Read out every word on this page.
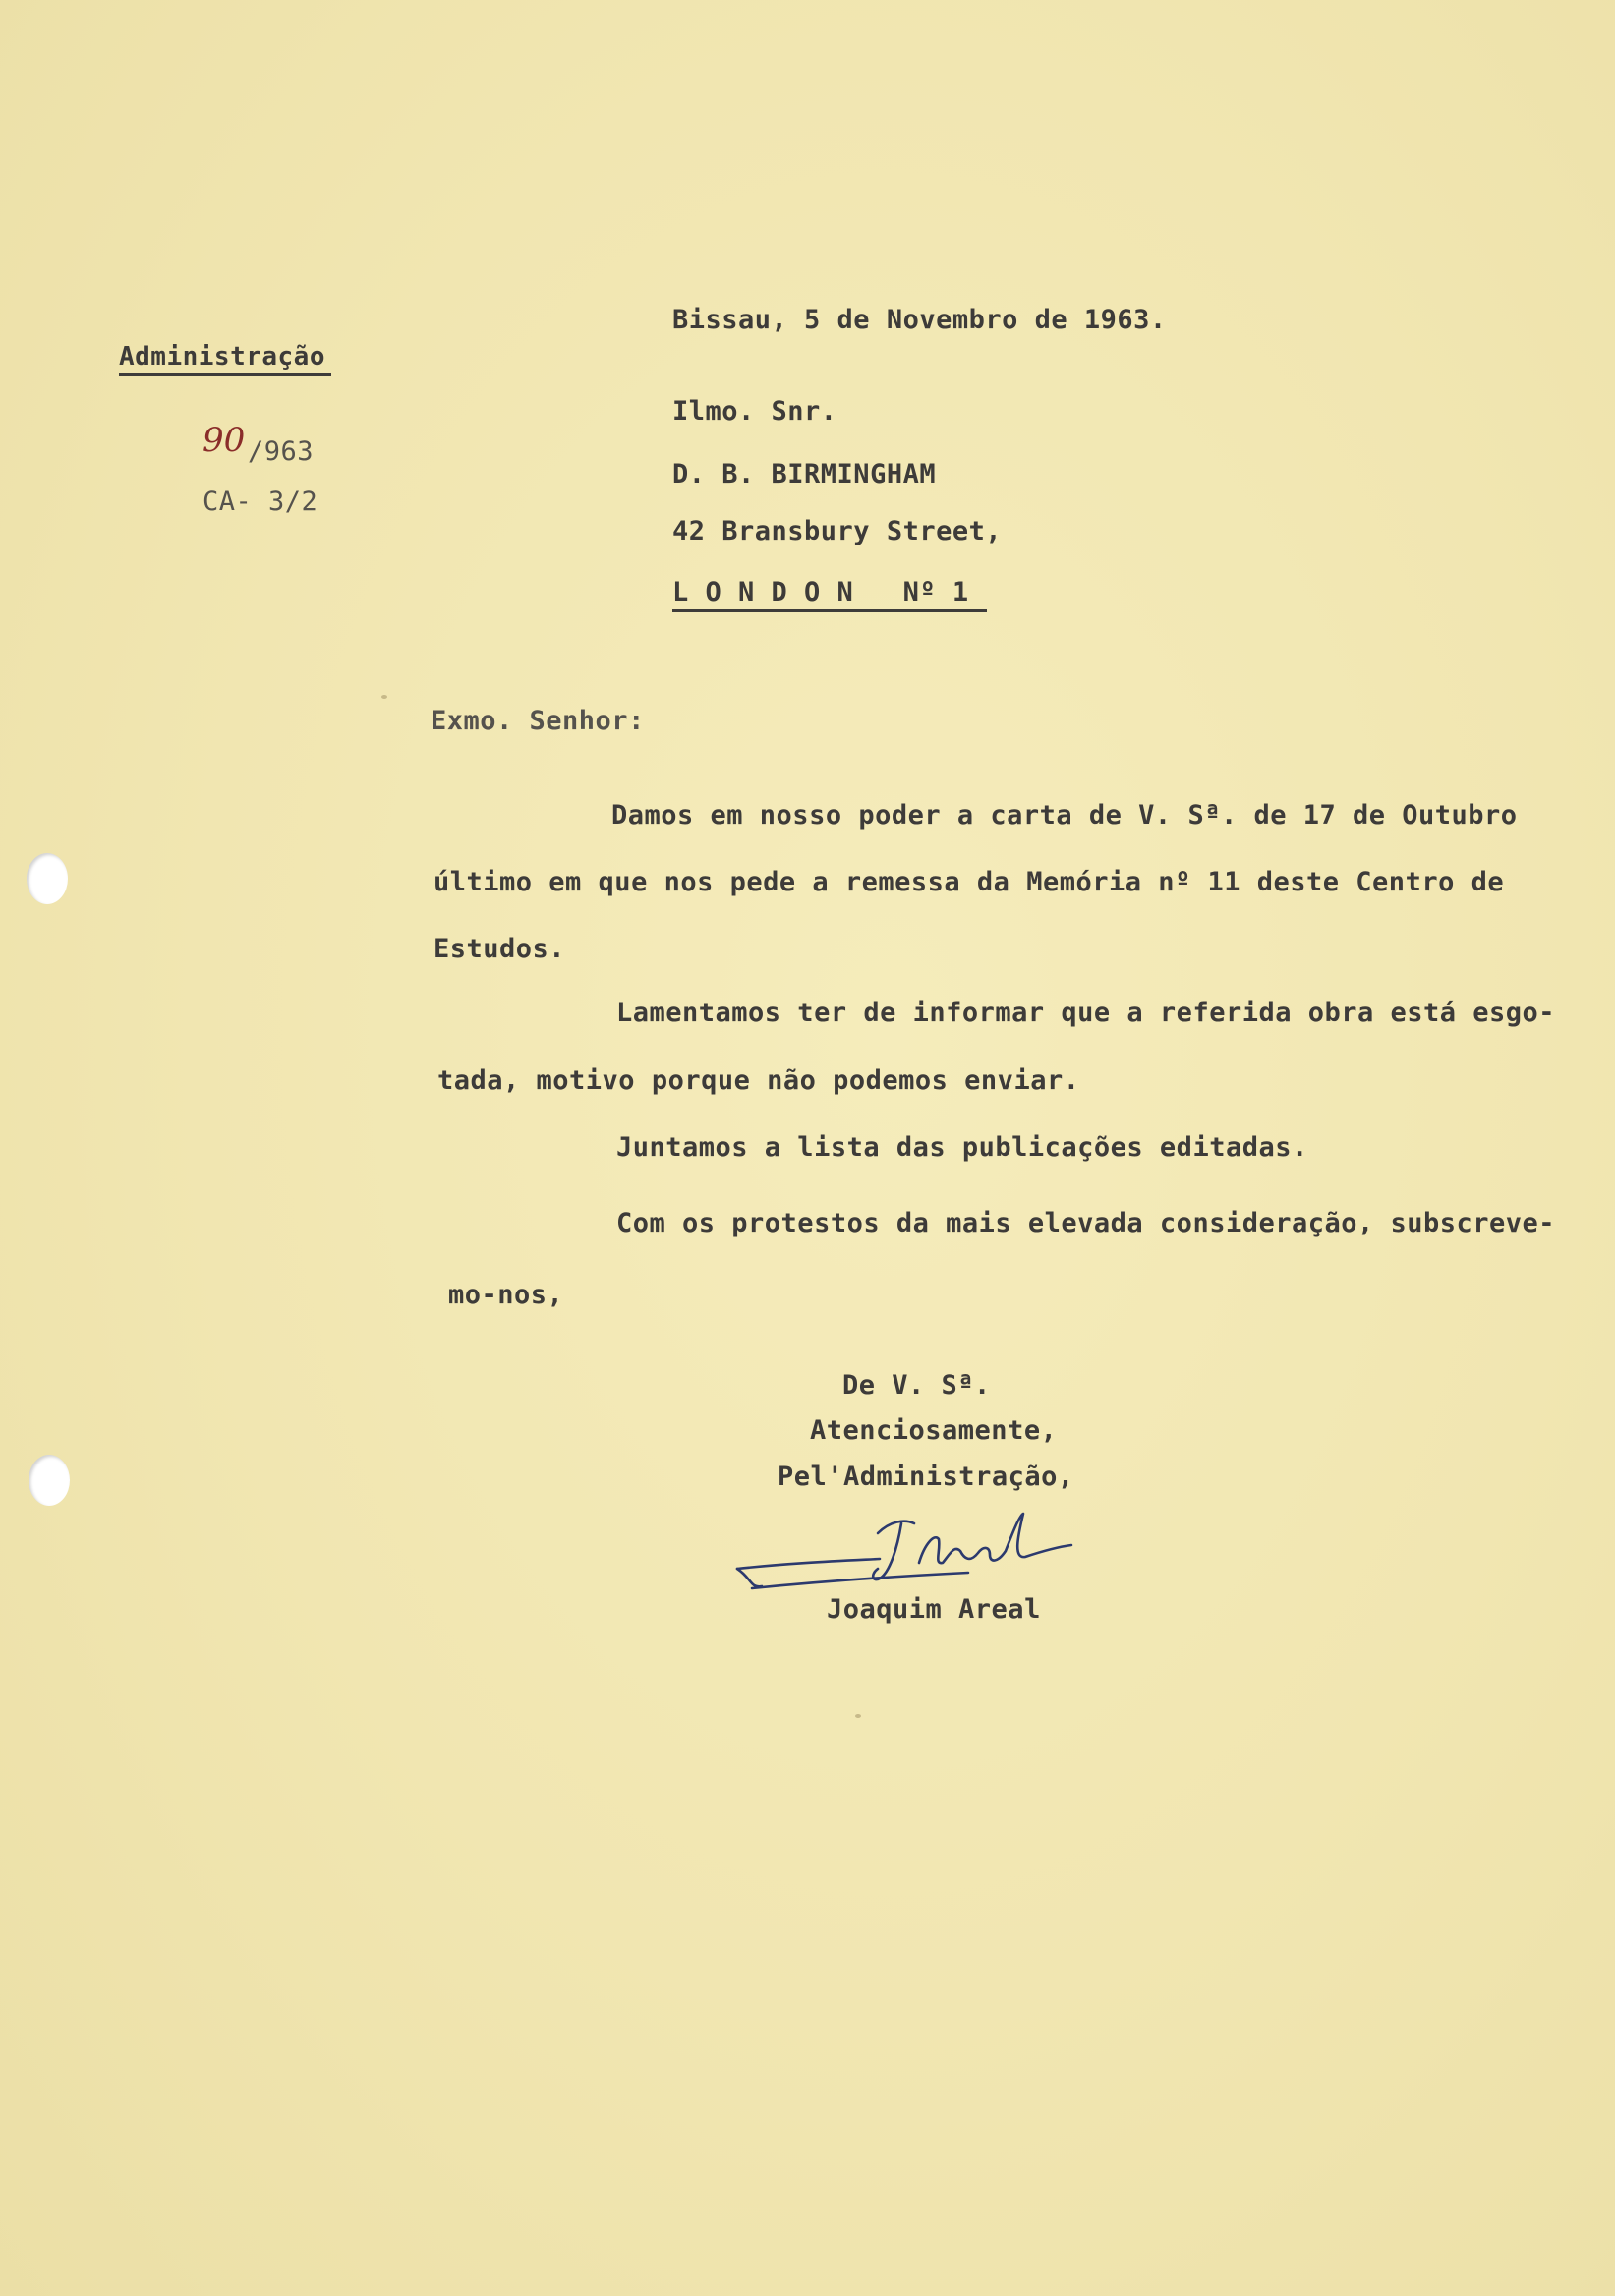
Administração
90 /963
CA- 3/2
Bissau, 5 de Novembro de 1963.
Ilmo. Snr.
D. B. BIRMINGHAM
42 Bransbury Street,
L O N D O N   Nº 1
Exmo. Senhor:
Damos em nosso poder a carta de V. Sª. de 17 de Outubro
último em que nos pede a remessa da Memória nº 11 deste Centro de
Estudos.
Lamentamos ter de informar que a referida obra está esgo-
tada, motivo porque não podemos enviar.
Juntamos a lista das publicações editadas.
Com os protestos da mais elevada consideração, subscreve-
mo-nos,
De V. Sª.
Atenciosamente,
Pel'Administração,
Joaquim Areal
